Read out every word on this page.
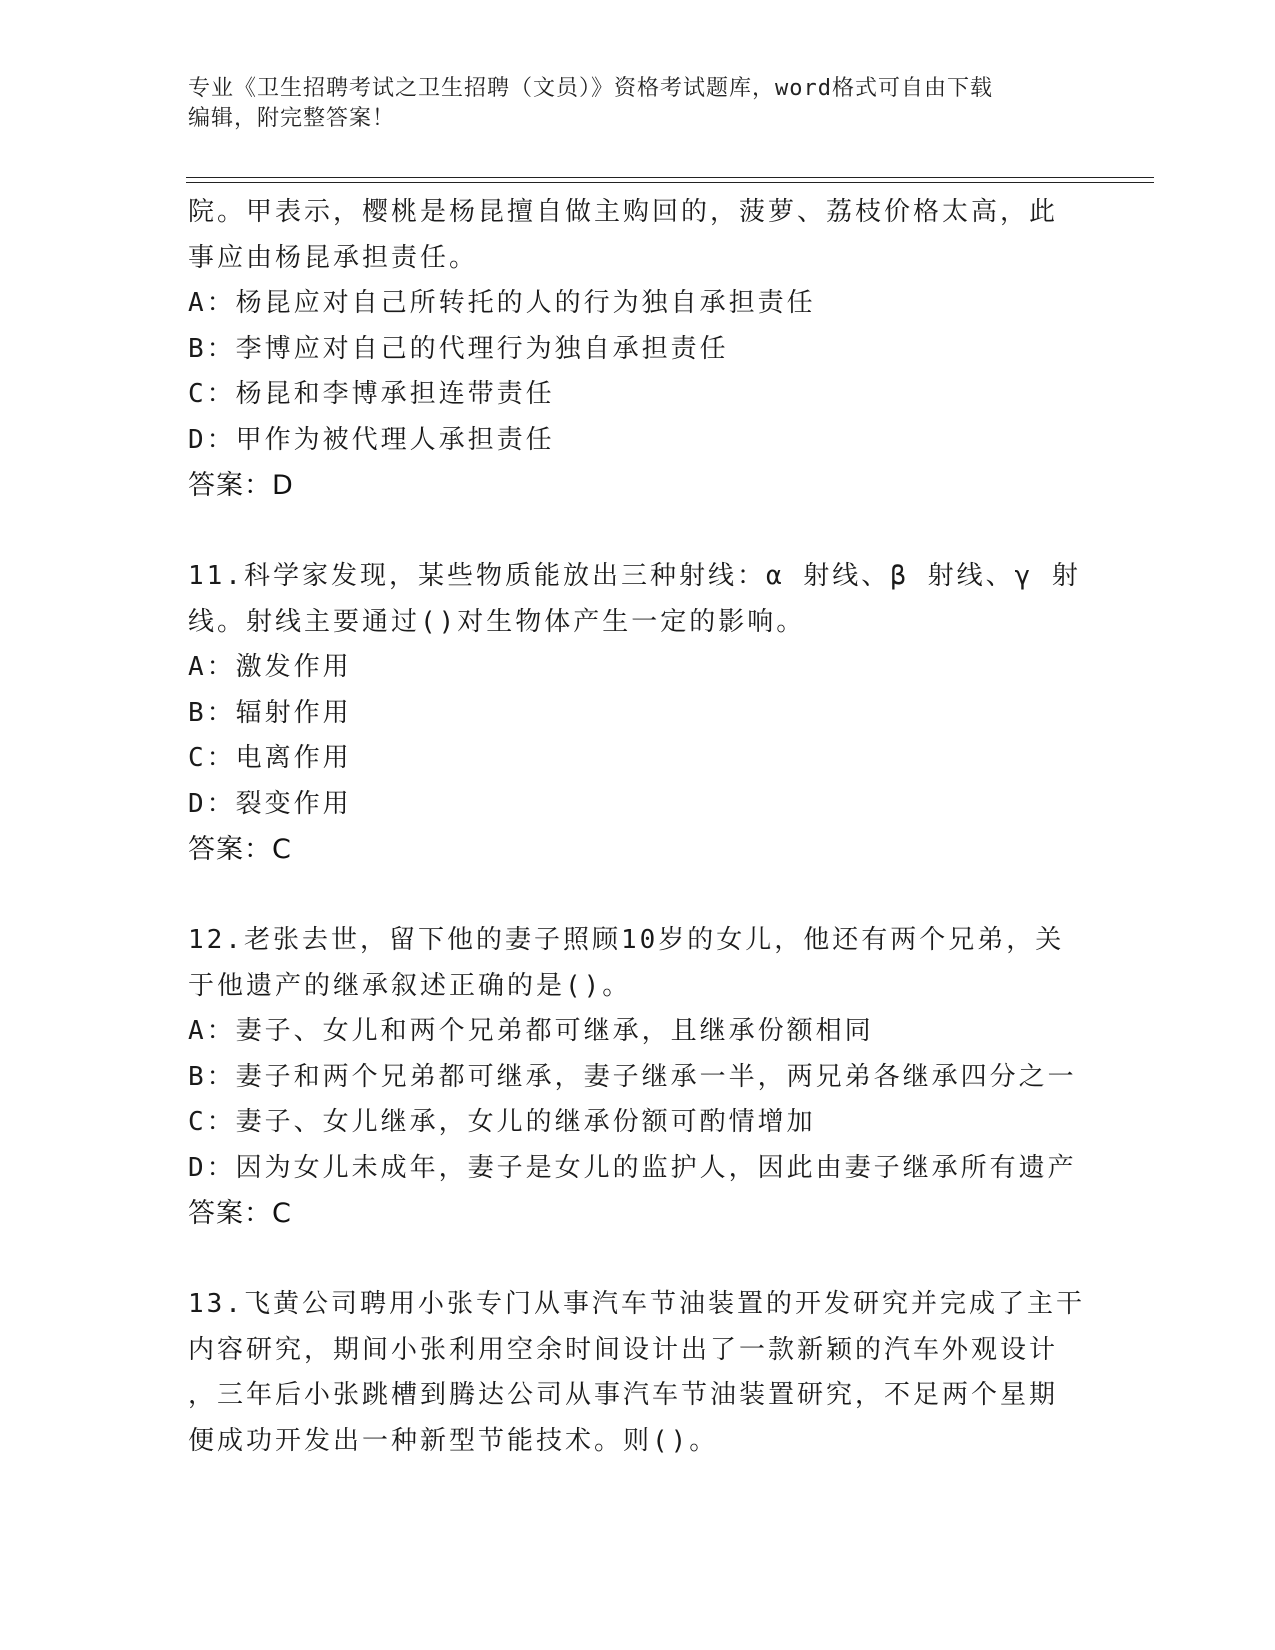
专业《卫生招聘考试之卫生招聘（文员）》资格考试题库，word格式可自由下载
编辑，附完整答案！
院。甲表示，樱桃是杨昆擅自做主购回的，菠萝、荔枝价格太高，此
事应由杨昆承担责任。
A：杨昆应对自己所转托的人的行为独自承担责任
B：李博应对自己的代理行为独自承担责任
C：杨昆和李博承担连带责任
D：甲作为被代理人承担责任
答案：D
11.科学家发现，某些物质能放出三种射线：α 射线、β 射线、γ 射
线。射线主要通过()对生物体产生一定的影响。
A：激发作用
B：辐射作用
C：电离作用
D：裂变作用
答案：C
12.老张去世，留下他的妻子照顾10岁的女儿，他还有两个兄弟，关
于他遗产的继承叙述正确的是()。
A：妻子、女儿和两个兄弟都可继承，且继承份额相同
B：妻子和两个兄弟都可继承，妻子继承一半，两兄弟各继承四分之一
C：妻子、女儿继承，女儿的继承份额可酌情增加
D：因为女儿未成年，妻子是女儿的监护人，因此由妻子继承所有遗产
答案：C
13.飞黄公司聘用小张专门从事汽车节油装置的开发研究并完成了主干
内容研究，期间小张利用空余时间设计出了一款新颖的汽车外观设计
，三年后小张跳槽到腾达公司从事汽车节油装置研究，不足两个星期
便成功开发出一种新型节能技术。则()。
